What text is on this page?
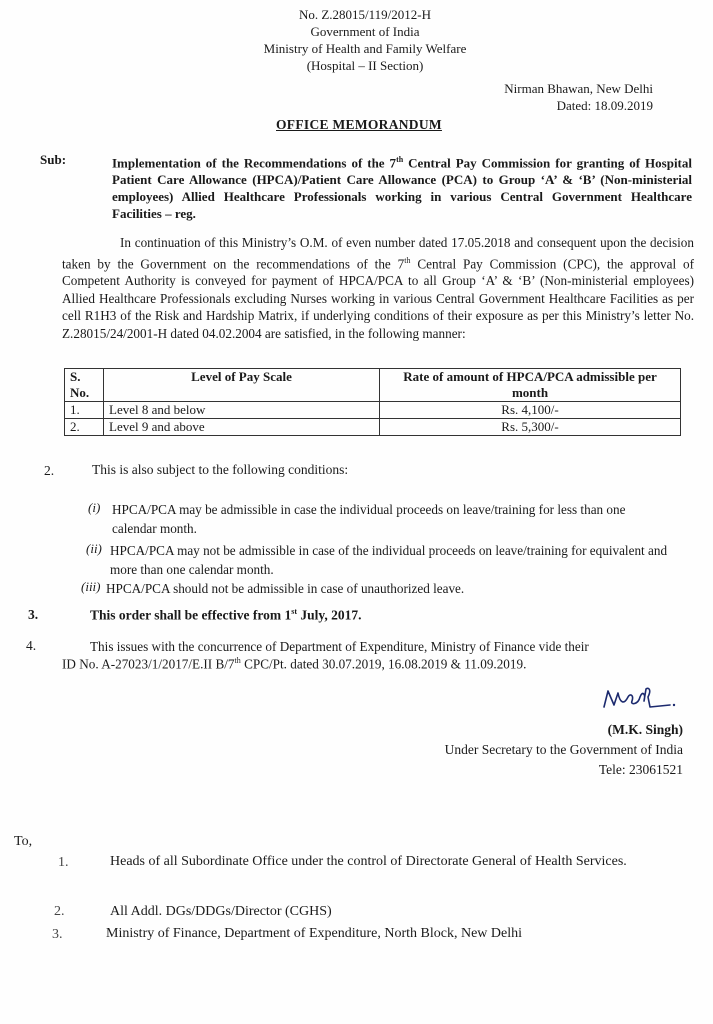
No. Z.28015/119/2012-H
Government of India
Ministry of Health and Family Welfare
(Hospital – II Section)
Nirman Bhawan, New Delhi
Dated: 18.09.2019
OFFICE MEMORANDUM
Sub:	Implementation of the Recommendations of the 7th Central Pay Commission for granting of Hospital Patient Care Allowance (HPCA)/Patient Care Allowance (PCA) to Group ‘A’ & ‘B’ (Non-ministerial employees) Allied Healthcare Professionals working in various Central Government Healthcare Facilities – reg.
In continuation of this Ministry’s O.M. of even number dated 17.05.2018 and consequent upon the decision taken by the Government on the recommendations of the 7th Central Pay Commission (CPC), the approval of Competent Authority is conveyed for payment of HPCA/PCA to all Group ‘A’ & ‘B’ (Non-ministerial employees) Allied Healthcare Professionals excluding Nurses working in various Central Government Healthcare Facilities as per cell R1H3 of the Risk and Hardship Matrix, if underlying conditions of their exposure as per this Ministry’s letter No. Z.28015/24/2001-H dated 04.02.2004 are satisfied, in the following manner:
S. No.	Level of Pay Scale	Rate of amount of HPCA/PCA admissible per month
1.	Level 8 and below	Rs. 4,100/-
2.	Level 9 and above	Rs. 5,300/-
2.	This is also subject to the following conditions:
(i) HPCA/PCA may be admissible in case the individual proceeds on leave/training for less than one calendar month.
(ii) HPCA/PCA may not be admissible in case of the individual proceeds on leave/training for equivalent and more than one calendar month.
(iii) HPCA/PCA should not be admissible in case of unauthorized leave.
3.	This order shall be effective from 1st July, 2017.
4.	This issues with the concurrence of Department of Expenditure, Ministry of Finance vide their
ID No. A-27023/1/2017/E.II B/7th CPC/Pt. dated 30.07.2019, 16.08.2019 & 11.09.2019.
(M.K. Singh)
Under Secretary to the Government of India
Tele: 23061521
To,
1.	Heads of all Subordinate Office under the control of Directorate General of Health Services.
2.	All Addl. DGs/DDGs/Director (CGHS)
3.	Ministry of Finance, Department of Expenditure, North Block, New Delhi
